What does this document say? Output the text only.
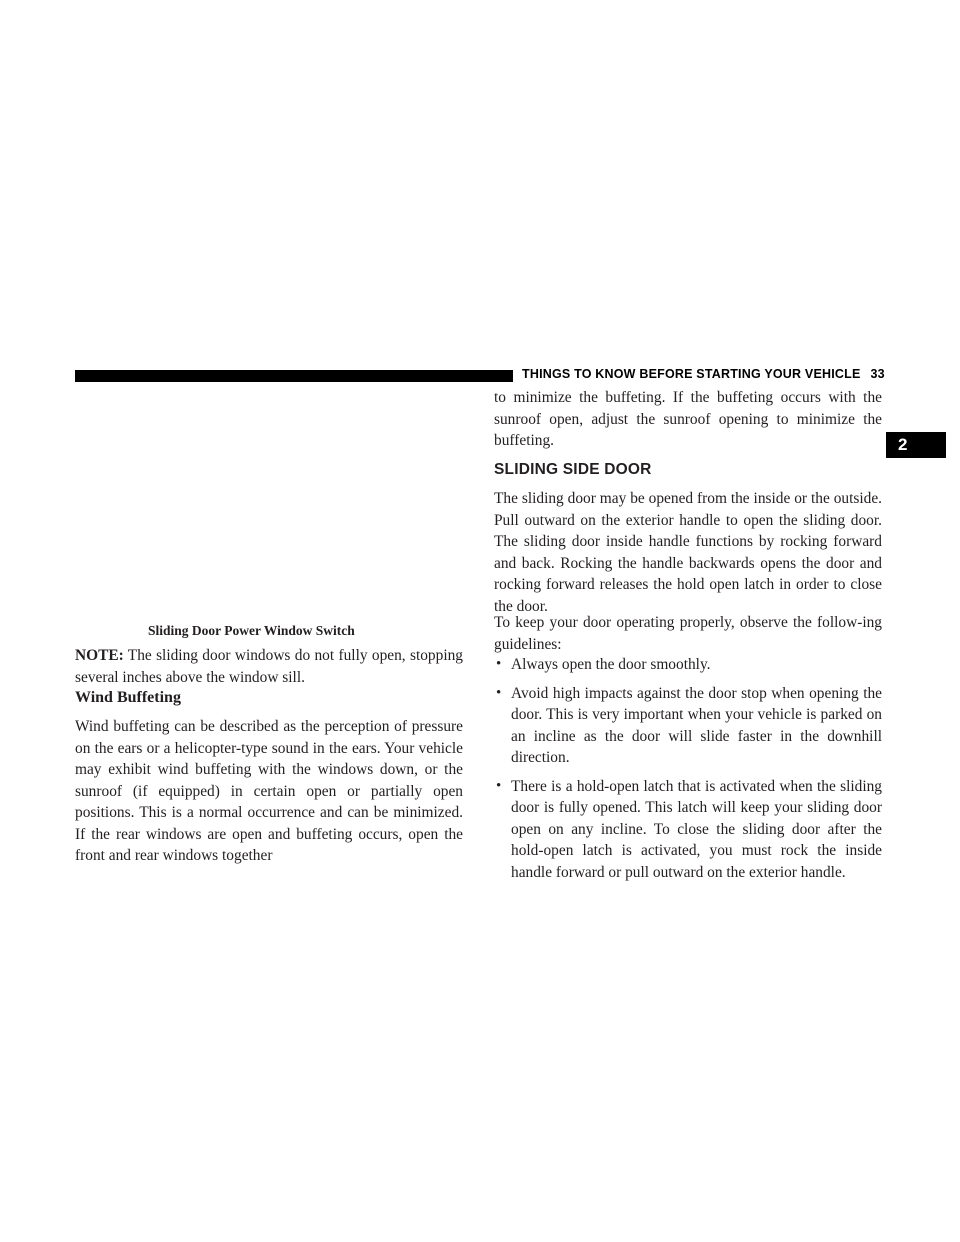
THINGS TO KNOW BEFORE STARTING YOUR VEHICLE 33
2
Sliding Door Power Window Switch

NOTE: The sliding door windows do not fully open, stopping several inches above the window sill.

Wind Buffeting

Wind buffeting can be described as the perception of pressure on the ears or a helicopter-type sound in the ears. Your vehicle may exhibit wind buffeting with the windows down, or the sunroof (if equipped) in certain open or partially open positions. This is a normal occurrence and can be minimized. If the rear windows are open and buffeting occurs, open the front and rear windows together

to minimize the buffeting. If the buffeting occurs with the sunroof open, adjust the sunroof opening to minimize the buffeting.

SLIDING SIDE DOOR

The sliding door may be opened from the inside or the outside. Pull outward on the exterior handle to open the sliding door. The sliding door inside handle functions by rocking forward and back. Rocking the handle backwards opens the door and rocking forward releases the hold open latch in order to close the door.

To keep your door operating properly, observe the follow-ing guidelines:

• Always open the door smoothly.

• Avoid high impacts against the door stop when opening the door. This is very important when your vehicle is parked on an incline as the door will slide faster in the downhill direction.

• There is a hold-open latch that is activated when the sliding door is fully opened. This latch will keep your sliding door open on any incline. To close the sliding door after the hold-open latch is activated, you must rock the inside handle forward or pull outward on the exterior handle.
